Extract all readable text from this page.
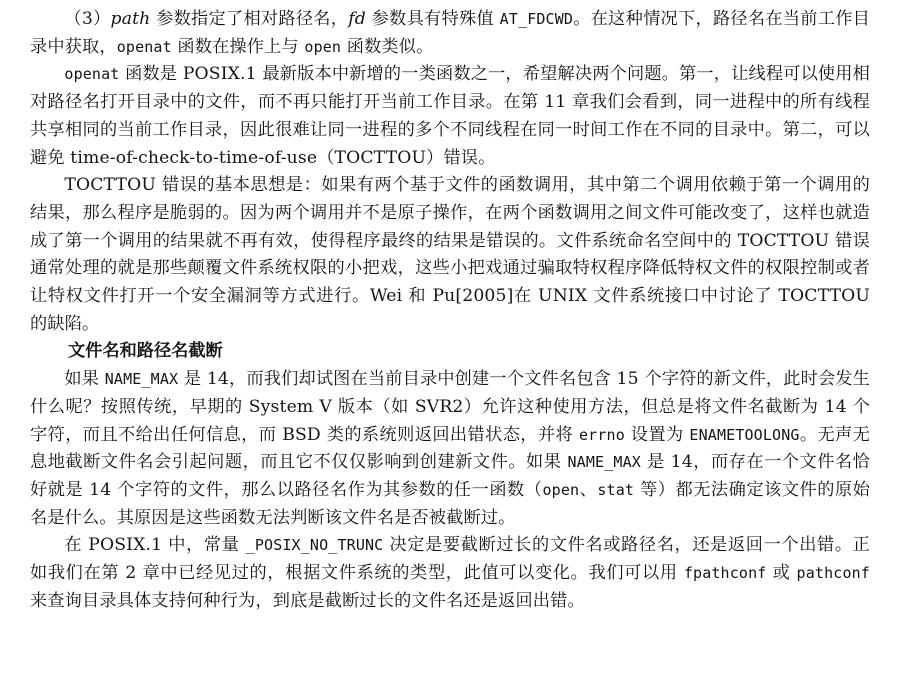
（3）path 参数指定了相对路径名，fd 参数具有特殊值 AT_FDCWD。在这种情况下，路径名在当前工作目录中获取，openat 函数在操作上与 open 函数类似。

openat 函数是 POSIX.1 最新版本中新增的一类函数之一，希望解决两个问题。第一，让线程可以使用相对路径名打开目录中的文件，而不再只能打开当前工作目录。在第 11 章我们会看到，同一进程中的所有线程共享相同的当前工作目录，因此很难让同一进程的多个不同线程在同一时间工作在不同的目录中。第二，可以避免 time-of-check-to-time-of-use（TOCTTOU）错误。

TOCTTOU 错误的基本思想是：如果有两个基于文件的函数调用，其中第二个调用依赖于第一个调用的结果，那么程序是脆弱的。因为两个调用并不是原子操作，在两个函数调用之间文件可能改变了，这样也就造成了第一个调用的结果就不再有效，使得程序最终的结果是错误的。文件系统命名空间中的 TOCTTOU 错误通常处理的就是那些颠覆文件系统权限的小把戏，这些小把戏通过骗取特权程序降低特权文件的权限控制或者让特权文件打开一个安全漏洞等方式进行。Wei 和 Pu[2005]在 UNIX 文件系统接口中讨论了 TOCTTOU 的缺陷。

文件名和路径名截断

如果 NAME_MAX 是 14，而我们却试图在当前目录中创建一个文件名包含 15 个字符的新文件，此时会发生什么呢？按照传统，早期的 System V 版本（如 SVR2）允许这种使用方法，但总是将文件名截断为 14 个字符，而且不给出任何信息，而 BSD 类的系统则返回出错状态，并将 errno 设置为 ENAMETOOLONG。无声无息地截断文件名会引起问题，而且它不仅仅影响到创建新文件。如果 NAME_MAX 是 14，而存在一个文件名恰好就是 14 个字符的文件，那么以路径名作为其参数的任一函数（open、stat 等）都无法确定该文件的原始名是什么。其原因是这些函数无法判断该文件名是否被截断过。

在 POSIX.1 中，常量 _POSIX_NO_TRUNC 决定是要截断过长的文件名或路径名，还是返回一个出错。正如我们在第 2 章中已经见过的，根据文件系统的类型，此值可以变化。我们可以用 fpathconf 或 pathconf 来查询目录具体支持何种行为，到底是截断过长的文件名还是返回出错。
